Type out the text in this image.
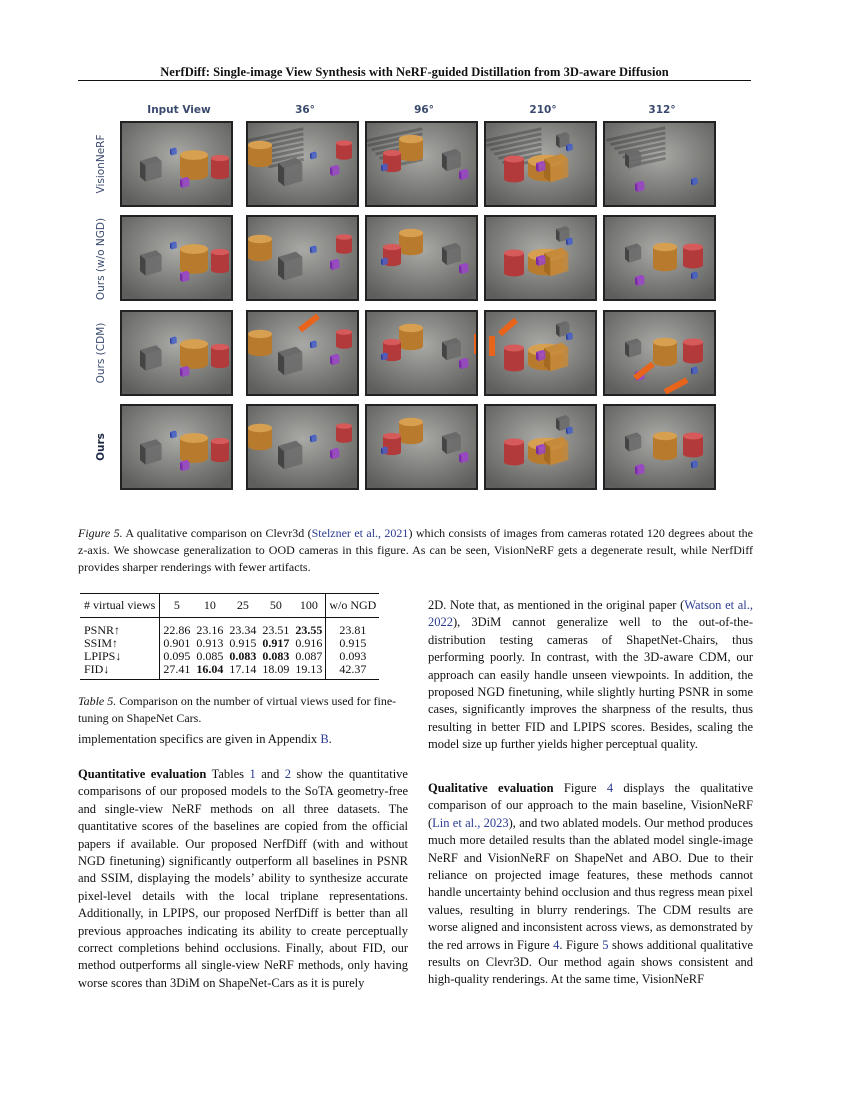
NerfDiff: Single-image View Synthesis with NeRF-guided Distillation from 3D-aware Diffusion
Input View	36°	96°	210°	312°
VisionNeRF
Ours (w/o NGD)
Ours (CDM)
Ours
Figure 5. A qualitative comparison on Clevr3d (Stelzner et al., 2021) which consists of images from cameras rotated 120 degrees about the z-axis. We showcase generalization to OOD cameras in this figure. As can be seen, VisionNeRF gets a degenerate result, while NerfDiff provides sharper renderings with fewer artifacts.
# virtual views	5	10	25	50	100	w/o NGD
PSNR↑	22.86	23.16	23.34	23.51	23.55	23.81
SSIM↑	0.901	0.913	0.915	0.917	0.916	0.915
LPIPS↓	0.095	0.085	0.083	0.083	0.087	0.093
FID↓	27.41	16.04	17.14	18.09	19.13	42.37
Table 5. Comparison on the number of virtual views used for fine-tuning on ShapeNet Cars.
implementation specifics are given in Appendix B.
Quantitative evaluation Tables 1 and 2 show the quantitative comparisons of our proposed models to the SoTA geometry-free and single-view NeRF methods on all three datasets. The quantitative scores of the baselines are copied from the official papers if available. Our proposed NerfDiff (with and without NGD finetuning) significantly outperform all baselines in PSNR and SSIM, displaying the models’ ability to synthesize accurate pixel-level details with the local triplane representations. Additionally, in LPIPS, our proposed NerfDiff is better than all previous approaches indicating its ability to create perceptually correct completions behind occlusions. Finally, about FID, our method outperforms all single-view NeRF methods, only having worse scores than 3DiM on ShapeNet-Cars as it is purely
2D. Note that, as mentioned in the original paper (Watson et al., 2022), 3DiM cannot generalize well to the out-of-the-distribution testing cameras of ShapetNet-Chairs, thus performing poorly. In contrast, with the 3D-aware CDM, our approach can easily handle unseen viewpoints. In addition, the proposed NGD finetuning, while slightly hurting PSNR in some cases, significantly improves the sharpness of the results, thus resulting in better FID and LPIPS scores. Besides, scaling the model size up further yields higher perceptual quality.
Qualitative evaluation Figure 4 displays the qualitative comparison of our approach to the main baseline, VisionNeRF (Lin et al., 2023), and two ablated models. Our method produces much more detailed results than the ablated model single-image NeRF and VisionNeRF on ShapeNet and ABO. Due to their reliance on projected image features, these methods cannot handle uncertainty behind occlusion and thus regress mean pixel values, resulting in blurry renderings. The CDM results are worse aligned and inconsistent across views, as demonstrated by the red arrows in Figure 4. Figure 5 shows additional qualitative results on Clevr3D. Our method again shows consistent and high-quality renderings. At the same time, VisionNeRF
